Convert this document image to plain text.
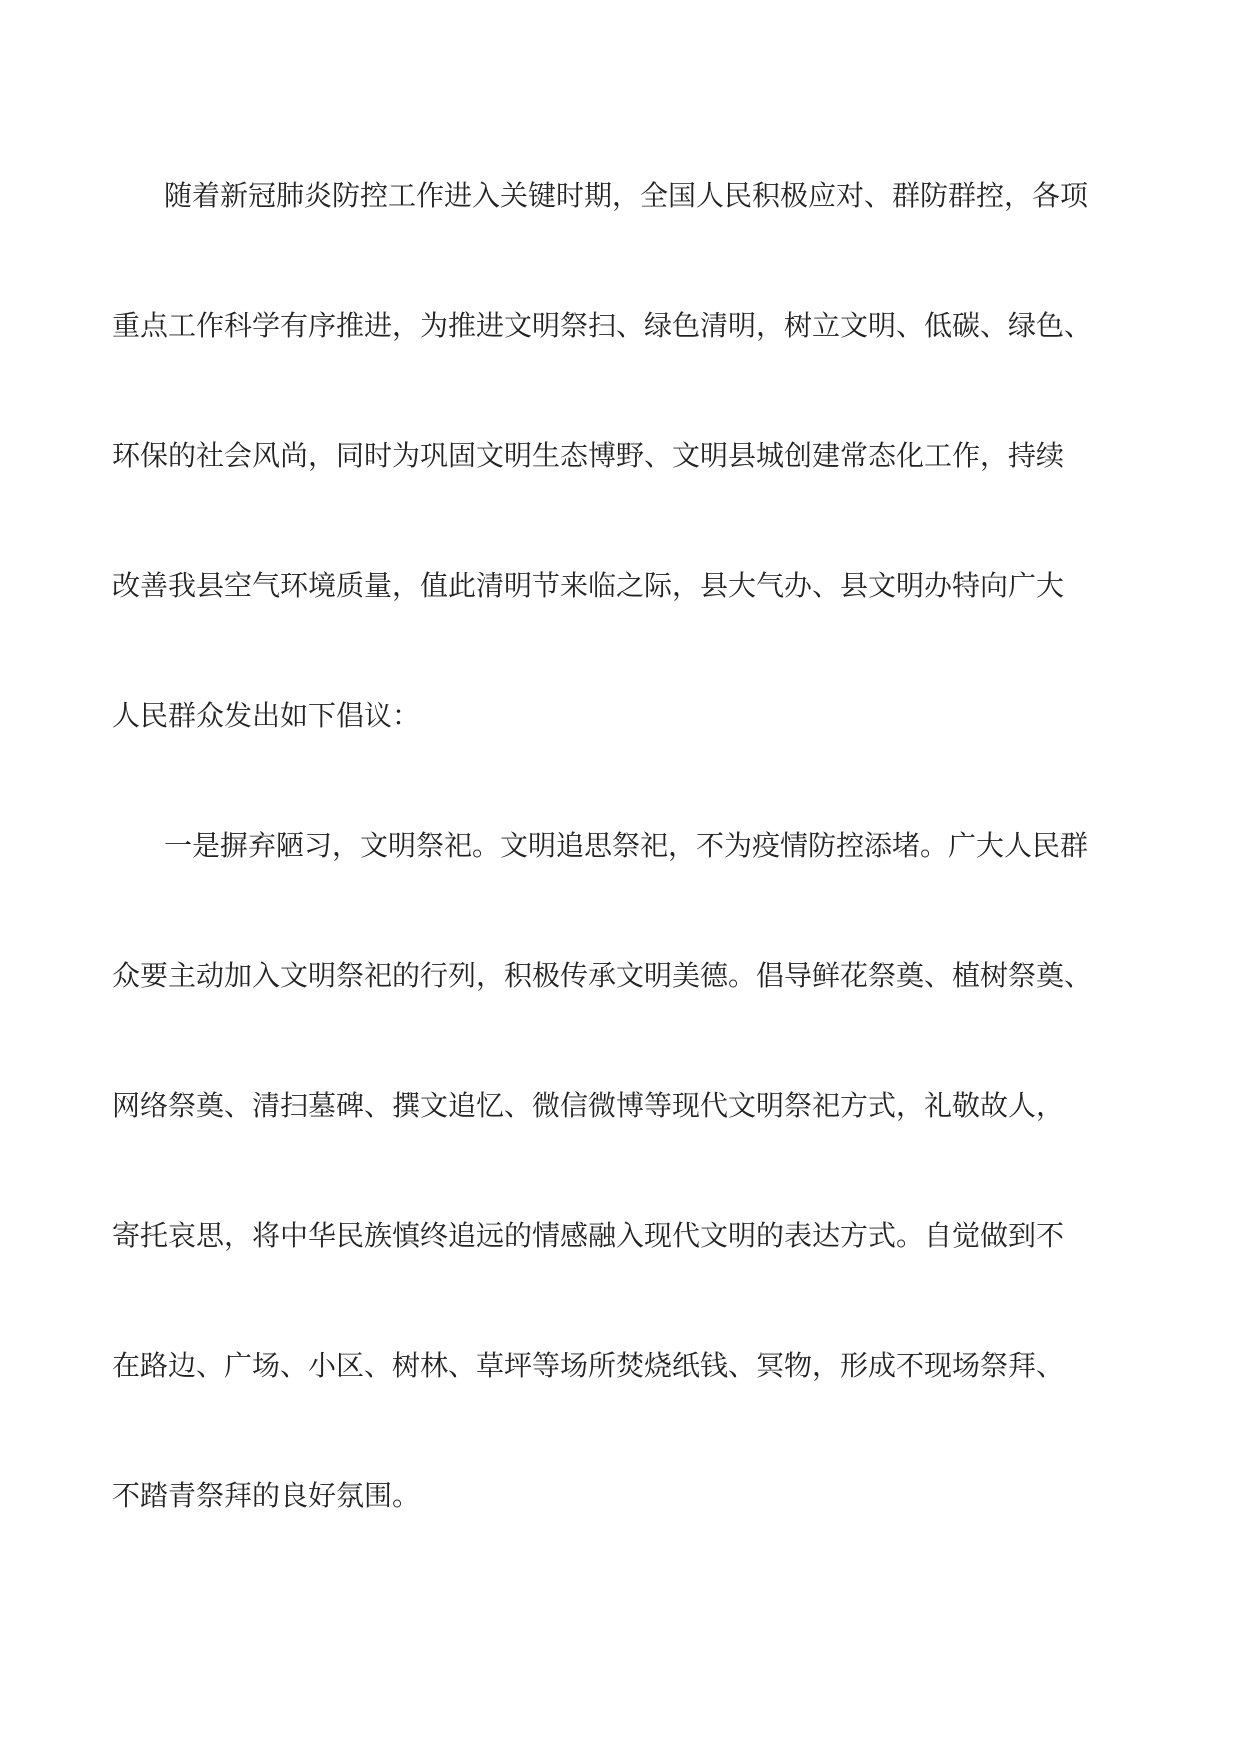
随着新冠肺炎防控工作进入关键时期，全国人民积极应对、群防群控，各项

重点工作科学有序推进，为推进文明祭扫、绿色清明，树立文明、低碳、绿色、

环保的社会风尚，同时为巩固文明生态博野、文明县城创建常态化工作，持续

改善我县空气环境质量，值此清明节来临之际，县大气办、县文明办特向广大

人民群众发出如下倡议：

一是摒弃陋习，文明祭祀。文明追思祭祀，不为疫情防控添堵。广大人民群

众要主动加入文明祭祀的行列，积极传承文明美德。倡导鲜花祭奠、植树祭奠、

网络祭奠、清扫墓碑、撰文追忆、微信微博等现代文明祭祀方式，礼敬故人，

寄托哀思，将中华民族慎终追远的情感融入现代文明的表达方式。自觉做到不

在路边、广场、小区、树林、草坪等场所焚烧纸钱、冥物，形成不现场祭拜、

不踏青祭拜的良好氛围。
